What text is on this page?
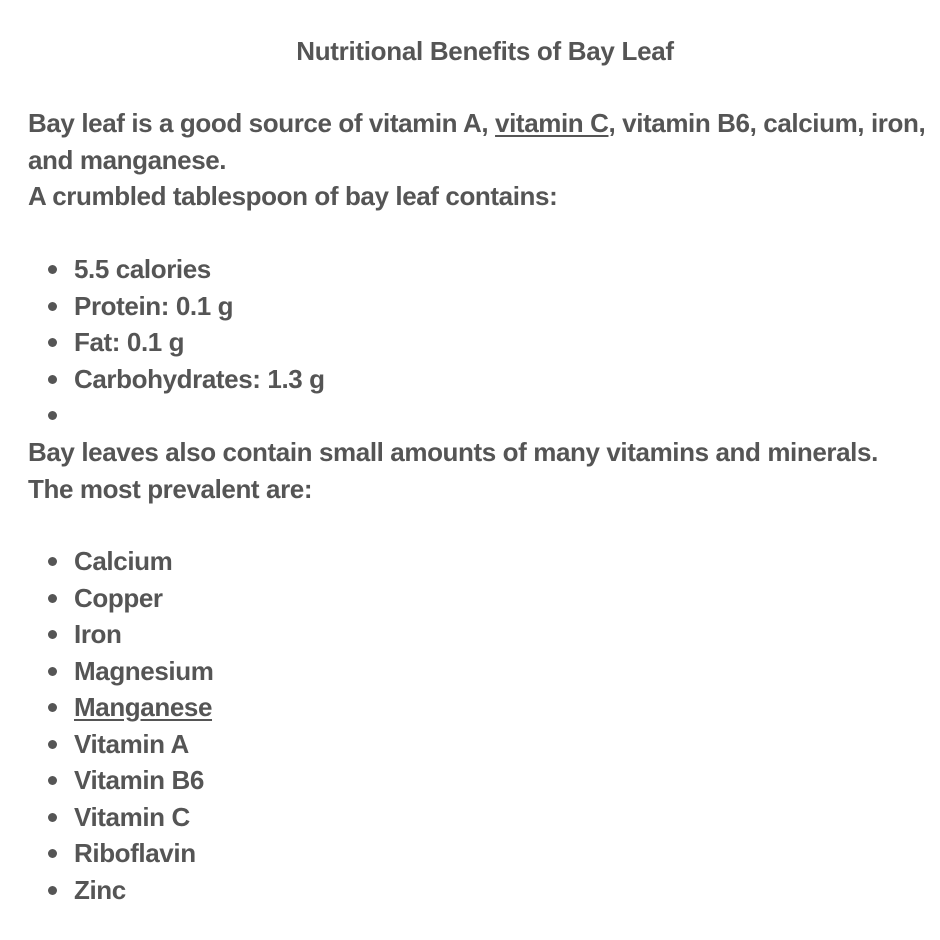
Nutritional Benefits of Bay Leaf

Bay leaf is a good source of vitamin A, vitamin C, vitamin B6, calcium, iron, and manganese.
A crumbled tablespoon of bay leaf contains:

5.5 calories
Protein: 0.1 g
Fat: 0.1 g
Carbohydrates: 1.3 g

Bay leaves also contain small amounts of many vitamins and minerals.
The most prevalent are:

Calcium
Copper
Iron
Magnesium
Manganese
Vitamin A
Vitamin B6
Vitamin C
Riboflavin
Zinc
